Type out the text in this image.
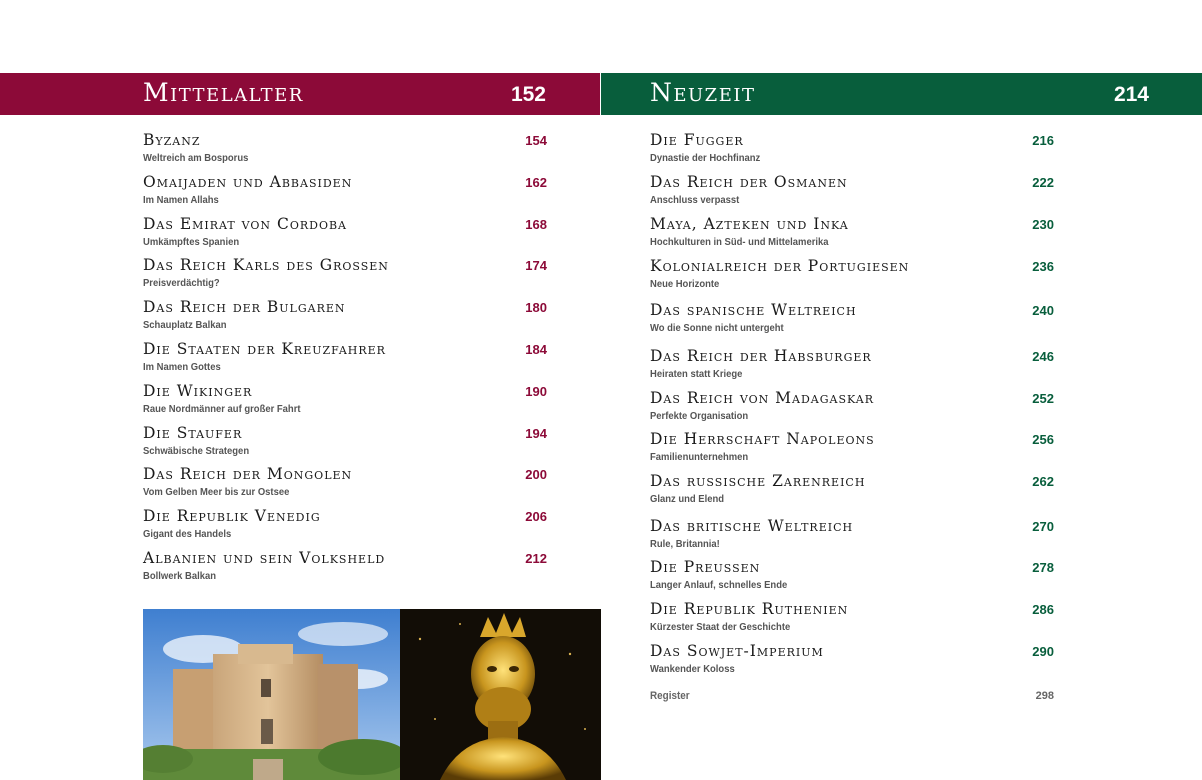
Mittelalter	152	Neuzeit	214
Byzanz	154
Weltreich am Bosporus
Omaijaden und Abbasiden	162
Im Namen Allahs
Das Emirat von Cordoba	168
Umkämpftes Spanien
Das Reich Karls des Grossen	174
Preisverdächtig?
Das Reich der Bulgaren	180
Schauplatz Balkan
Die Staaten der Kreuzfahrer	184
Im Namen Gottes
Die Wikinger	190
Raue Nordmänner auf großer Fahrt
Die Staufer	194
Schwäbische Strategen
Das Reich der Mongolen	200
Vom Gelben Meer bis zur Ostsee
Die Republik Venedig	206
Gigant des Handels
Albanien und sein Volksheld	212
Bollwerk Balkan
Die Fugger	216
Dynastie der Hochfinanz
Das Reich der Osmanen	222
Anschluss verpasst
Maya, Azteken und Inka	230
Hochkulturen in Süd- und Mittelamerika
Kolonialreich der Portugiesen	236
Neue Horizonte
Das spanische Weltreich	240
Wo die Sonne nicht untergeht
Das Reich der Habsburger	246
Heiraten statt Kriege
Das Reich von Madagaskar	252
Perfekte Organisation
Die Herrschaft Napoleons	256
Familienunternehmen
Das russische Zarenreich	262
Glanz und Elend
Das britische Weltreich	270
Rule, Britannia!
Die Preussen	278
Langer Anlauf, schnelles Ende
Die Republik Ruthenien	286
Kürzester Staat der Geschichte
Das Sowjet-Imperium	290
Wankender Koloss
Register	298
